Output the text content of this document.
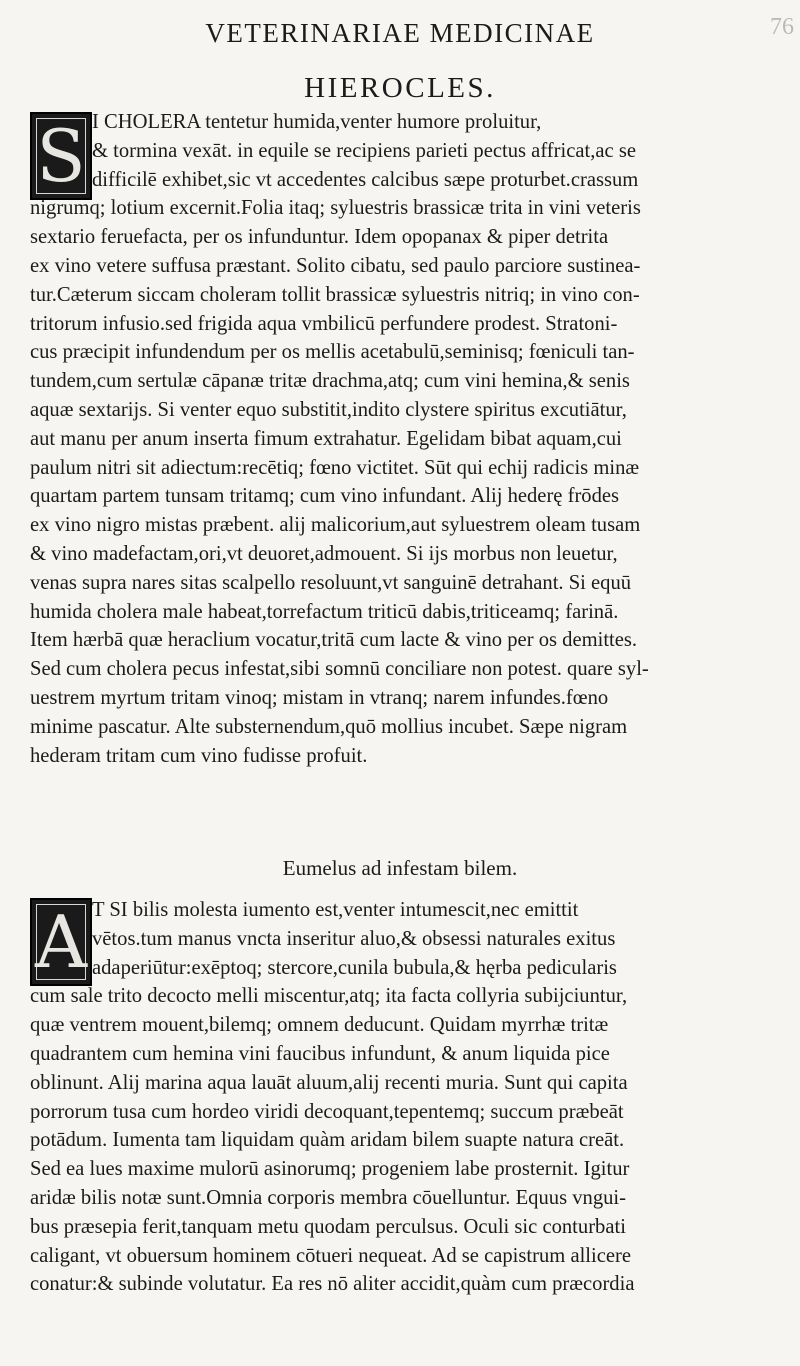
VETERINARIAE MEDICINAE	76
HIEROCLES.
S I CHOLERA tentetur humida,venter humore proluitur,
& tormina vexāt. in equile se recipiens parieti pectus affricat,ac se
difficilē exhibet,sic vt accedentes calcibus sæpe proturbet.crassum
nigrumq; lotium excernit.Folia itaq; syluestris brassicæ trita in vini veteris
sextario feruefacta, per os infunduntur. Idem opopanax & piper detrita
ex vino vetere suffusa præstant. Solito cibatu, sed paulo parciore sustinea-
tur.Cæterum siccam choleram tollit brassicæ syluestris nitriq; in vino con-
tritorum infusio.sed frigida aqua vmbilicū perfundere prodest. Stratoni-
cus præcipit infundendum per os mellis acetabulū,seminisq; fœniculi tan-
tundem,cum sertulæ cāpanæ tritæ drachma,atq; cum vini hemina,& senis
aquæ sextarijs. Si venter equo substitit,indito clystere spiritus excutiātur,
aut manu per anum inserta fimum extrahatur. Egelidam bibat aquam,cui
paulum nitri sit adiectum:recētiq; fœno victitet. Sūt qui echij radicis minæ
quartam partem tunsam tritamq; cum vino infundant. Alij hederę frōdes
ex vino nigro mistas præbent. alij malicorium,aut syluestrem oleam tusam
& vino madefactam,ori,vt deuoret,admouent. Si ijs morbus non leuetur,
venas supra nares sitas scalpello resoluunt,vt sanguinē detrahant. Si equū
humida cholera male habeat,torrefactum triticū dabis,triticeamq; farinā.
Item hærbā quæ heraclium vocatur,tritā cum lacte & vino per os demittes.
Sed cum cholera pecus infestat,sibi somnū conciliare non potest. quare syl-
uestrem myrtum tritam vinoq; mistam in vtranq; narem infundes.fœno
minime pascatur. Alte substernendum,quō mollius incubet. Sæpe nigram
hederam tritam cum vino fudisse profuit.
Eumelus ad infestam bilem.
A T SI bilis molesta iumento est,venter intumescit,nec emittit
vētos.tum manus vncta inseritur aluo,& obsessi naturales exitus
adaperiūtur:exēptoq; stercore,cunila bubula,& hęrba pedicularis
cum sale trito decocto melli miscentur,atq; ita facta collyria subijciuntur,
quæ ventrem mouent,bilemq; omnem deducunt. Quidam myrrhæ tritæ
quadrantem cum hemina vini faucibus infundunt, & anum liquida pice
oblinunt. Alij marina aqua lauāt aluum,alij recenti muria. Sunt qui capita
porrorum tusa cum hordeo viridi decoquant,tepentemq; succum præbeāt
potādum. Iumenta tam liquidam quàm aridam bilem suapte natura creāt.
Sed ea lues maxime mulorū asinorumq; progeniem labe prosternit. Igitur
aridæ bilis notæ sunt.Omnia corporis membra cōuelluntur. Equus vngui-
bus præsepia ferit,tanquam metu quodam perculsus. Oculi sic conturbati
caligant, vt obuersum hominem cōtueri nequeat. Ad se capistrum allicere
conatur:& subinde volutatur. Ea res nō aliter accidit,quàm cum præcordia
